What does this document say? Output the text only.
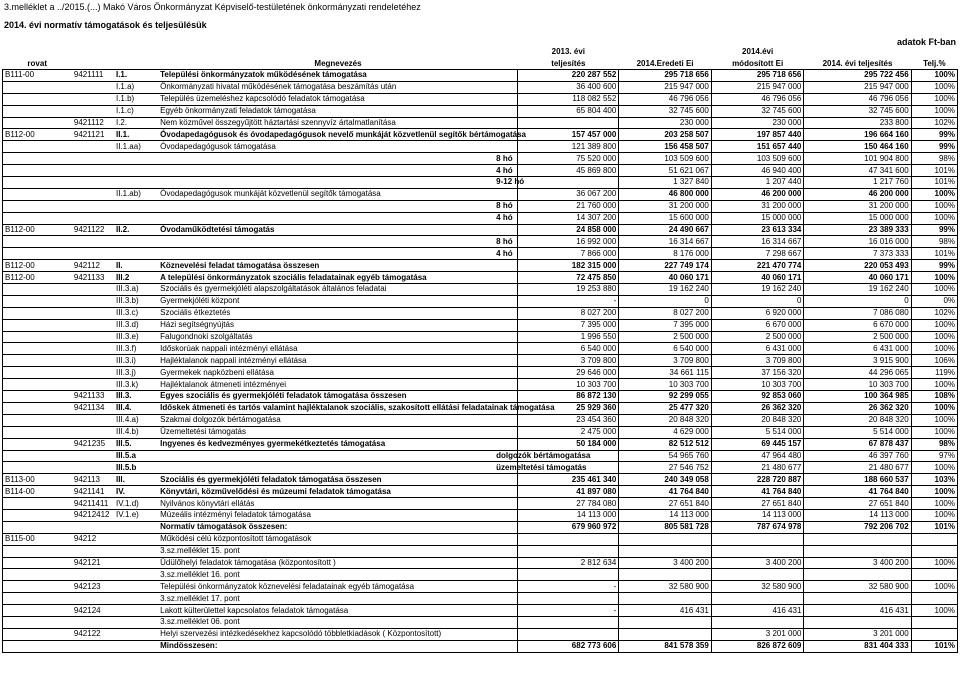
3.melléklet a ../2015.(...) Makó Város Önkormányzat Képviselő-testületének önkormányzati rendeletéhez
2014. évi normatív támogatások és teljesülésük
adatok Ft-ban
				2013. évi		2014.évi		
rovat			Megnevezés	teljesítés	2014.Eredeti Ei	módosított Ei	2014. évi teljesítés	Telj.%
B111-00	9421111	I.1.	Települési önkormányzatok működésének támogatása	220 287 552	295 718 656	295 718 656	295 722 456	100%
		I.1.a)	Önkormányzati hivatal működésének támogatása beszámítás után	36 400 600	215 947 000	215 947 000	215 947 000	100%
		I.1.b)	Település üzemeléshez kapcsolódó feladatok támogatása	118 082 552	46 796 056	46 796 056	46 796 056	100%
		I.1.c)	Egyéb önkormányzati feladatok támogatása	65 804 400	32 745 600	32 745 600	32 745 600	100%
	9421112	I.2.	Nem közművel összegyűjtött háztartási szennyvíz ártalmatlanítása		230 000	230 000	233 800	102%
B112-00	9421121	II.1.	Óvodapedagógusok és óvodapedagógusok nevelő munkáját közvetlenül segítők bértámogatása	157 457 000	203 258 507	197 857 440	196 664 160	99%
		II.1.aa)	Óvodapedagógusok támogatása	121 389 800	156 458 507	151 657 440	150 464 160	99%
			8 hó	75 520 000	103 509 600	103 509 600	101 904 800	98%
			4 hó	45 869 800	51 621 067	46 940 400	47 341 600	101%
			9-12 hó		1 327 840	1 207 440	1 217 760	101%
		II.1.ab)	Óvodapedagógusok munkáját közvetlenül segítők támogatása	36 067 200	46 800 000	46 200 000	46 200 000	100%
			8 hó	21 760 000	31 200 000	31 200 000	31 200 000	100%
			4 hó	14 307 200	15 600 000	15 000 000	15 000 000	100%
B112-00	9421122	II.2.	Óvodaműködtetési támogatás	24 858 000	24 490 667	23 613 334	23 389 333	99%
			8 hó	16 992 000	16 314 667	16 314 667	16 016 000	98%
			4 hó	7 866 000	8 176 000	7 298 667	7 373 333	101%
B112-00	942112	II.	Köznevelési feladat támogatása összesen	182 315 000	227 749 174	221 470 774	220 053 493	99%
B112-00	9421133	III.2	A települési önkormányzatok szociális feladatainak egyéb támogatása	72 475 850	40 060 171	40 060 171	40 060 171	100%
		III.3.a)	Szociális és gyermekjóléti alapszolgáltatások általános feladatai	19 253 880	19 162 240	19 162 240	19 162 240	100%
		III.3.b)	Gyermekjóléti központ	-	0	0	0	0%
		III.3.c)	Szociális étkeztetés	8 027 200	8 027 200	6 920 000	7 086 080	102%
		III.3.d)	Házi segítségnyújtás	7 395 000	7 395 000	6 670 000	6 670 000	100%
		III.3.e)	Falugondnoki szolgáltatás	1 996 550	2 500 000	2 500 000	2 500 000	100%
		III.3.f)	Időskorúak nappali intézményi ellátása	6 540 000	6 540 000	6 431 000	6 431 000	100%
		III.3.i)	Hajléktalanok nappali intézményi ellátása	3 709 800	3 709 800	3 709 800	3 915 900	106%
		III.3.j)	Gyermekek napközbeni ellátása	29 646 000	34 661 115	37 156 320	44 296 065	119%
		III.3.k)	Hajléktalanok átmeneti intézményei	10 303 700	10 303 700	10 303 700	10 303 700	100%
	9421133	III.3.	Egyes szociális és gyermekjóléti feladatok támogatása összesen	86 872 130	92 299 055	92 853 060	100 364 985	108%
	9421134	III.4.	Időskek átmeneti és tartós valamint hajléktalanok szociális, szakosított ellátási feladatainak támogatása	25 929 360	25 477 320	26 362 320	26 362 320	100%
		III.4.a)	Szakmai dolgozók bértámogatása	23 454 360	20 848 320	20 848 320	20 848 320	100%
		III.4.b)	Üzemeltetési támogatás	2 475 000	4 629 000	5 514 000	5 514 000	100%
	9421235	III.5.	Ingyenes és kedvezményes gyermekétkeztetés támogatása	50 184 000	82 512 512	69 445 157	67 878 437	98%
		III.5.a	dolgozók bértámogatása		54 965 760	47 964 480	46 397 760	97%
		III.5.b	üzemeltetési támogatás		27 546 752	21 480 677	21 480 677	100%
B113-00	942113	III.	Szociális és gyermekjóléti feladatok támogatása összesen	235 461 340	240 349 058	228 720 887	188 660 537	103%
B114-00	9421141	IV.	Könyvtári, közművelődési és múzeumi feladatok támogatása	41 897 080	41 764 840	41 764 840	41 764 840	100%
	94211411	IV.1.d)	Nyilvános könyvtári ellátás	27 784 080	27 651 840	27 651 840	27 651 840	100%
	94212412	IV.1.e)	Múzeális intézményi feladatok támogatása	14 113 000	14 113 000	14 113 000	14 113 000	100%
			Normatív támogatások összesen:	679 960 972	805 581 728	787 674 978	792 206 702	101%
B115-00	94212		Működési célú központosított támogatások					
			3.sz.melléklet 15. pont					
	942121		Üdülőhelyi feladatok támogatása (központosított )	2 812 634	3 400 200	3 400 200	3 400 200	100%
			3.sz.melléklet 16. pont					
	942123		Települési önkormányzatok köznevelési feladatainak egyéb támogatása	-	32 580 900	32 580 900	32 580 900	100%
			3.sz.melléklet 17. pont					
	942124		Lakott külterülettel kapcsolatos feladatok támogatása	-	416 431	416 431	416 431	100%
			3.sz.melléklet 06. pont					
	942122		Helyi szervezési intézkedésekhez kapcsolódó többletkiadások ( Központosított)			3 201 000	3 201 000	
			Mindösszesen:	682 773 606	841 578 359	826 872 609	831 404 333	101%
